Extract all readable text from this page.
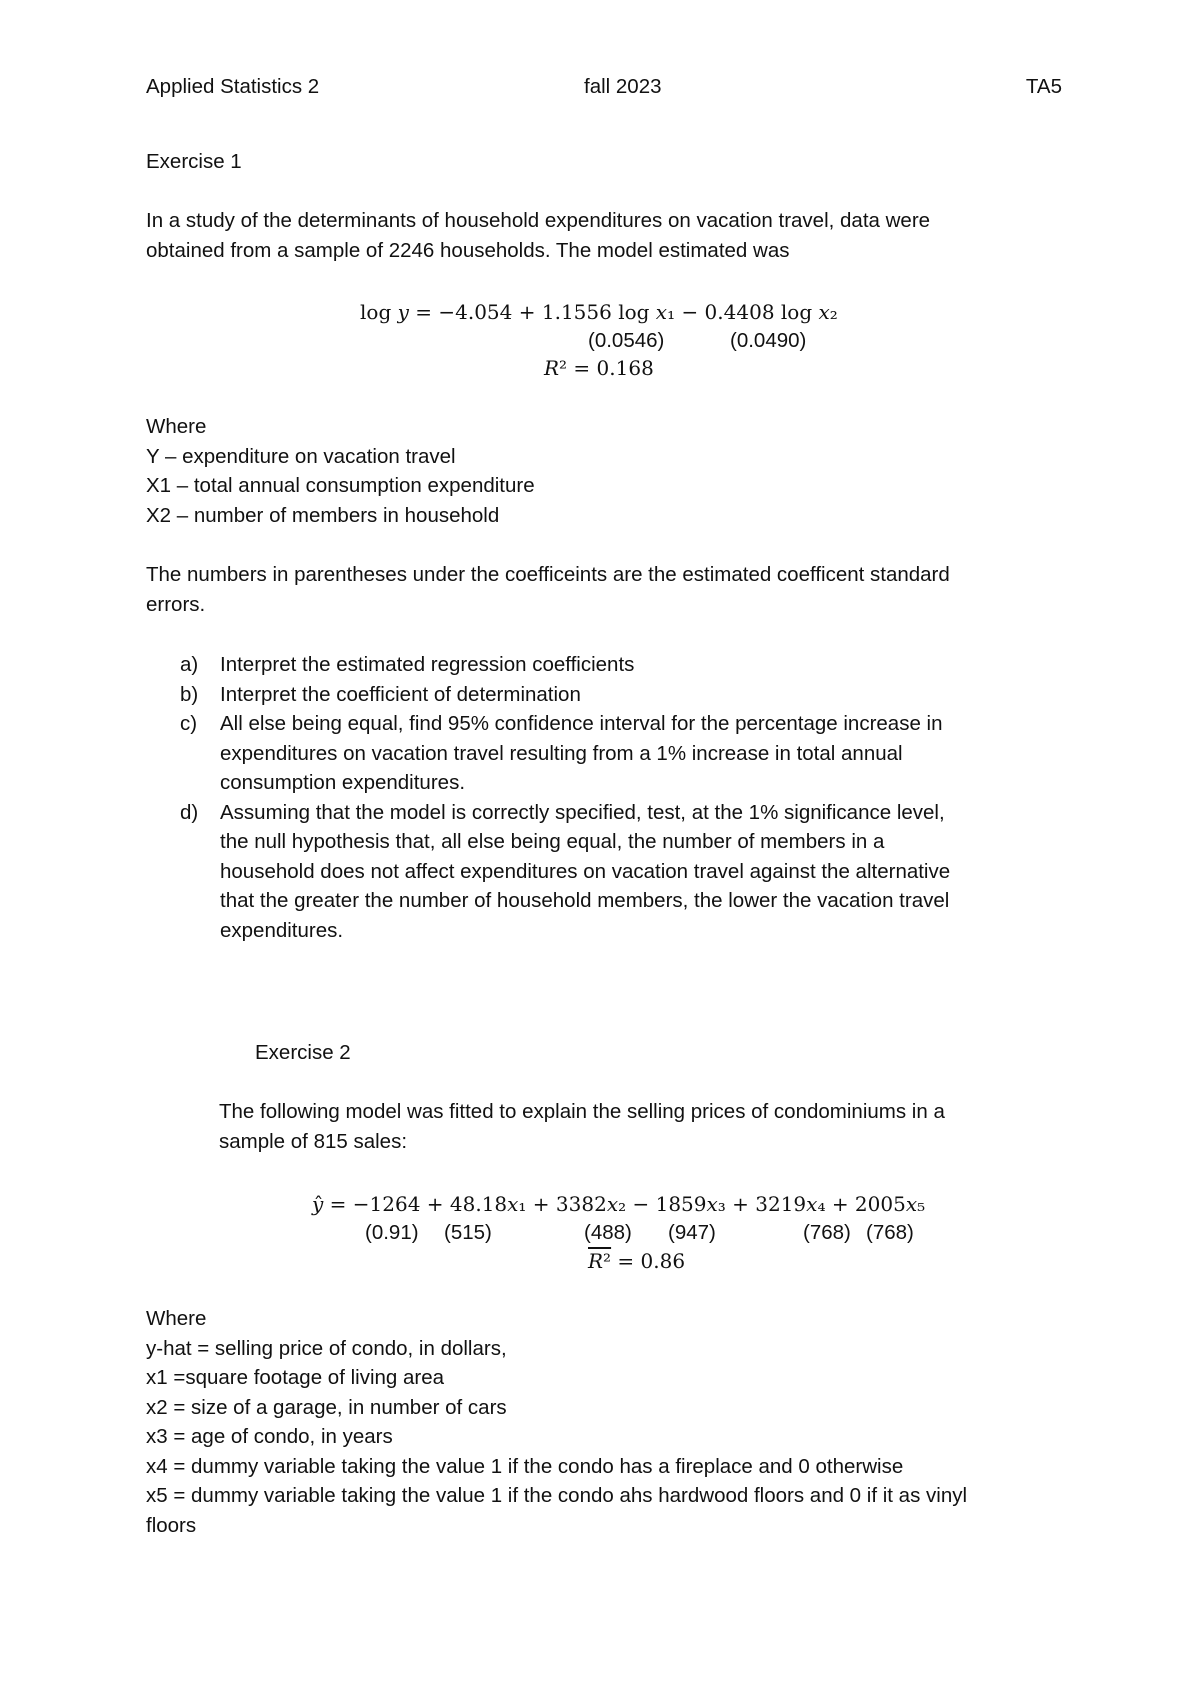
Applied Statistics 2	fall 2023	TA5
Exercise 1
In a study of the determinants of household expenditures on vacation travel, data were
obtained from a sample of 2246 households. The model estimated was
log 𝑦 = −4.054 + 1.1556 log 𝑥₁ − 0.4408 log 𝑥₂
(0.0546)	(0.0490)
𝑅² = 0.168
Where
Y – expenditure on vacation travel
X1 – total annual consumption expenditure
X2 – number of members in household
The numbers in parentheses under the coefficeints are the estimated coefficent standard
errors.
a) Interpret the estimated regression coefficients
b) Interpret the coefficient of determination
c) All else being equal, find 95% confidence interval for the percentage increase in
expenditures on vacation travel resulting from a 1% increase in total annual
consumption expenditures.
d) Assuming that the model is correctly specified, test, at the 1% significance level,
the null hypothesis that, all else being equal, the number of members in a
household does not affect expenditures on vacation travel against the alternative
that the greater the number of household members, the lower the vacation travel
expenditures.
Exercise 2
The following model was fitted to explain the selling prices of condominiums in a
sample of 815 sales:
𝑦̂ = −1264 + 48.18𝑥₁ + 3382𝑥₂ − 1859𝑥₃ + 3219𝑥₄ + 2005𝑥₅
(0.91) (515)	(488) (947)	(768) (768)
𝑅² = 0.86
Where
y-hat = selling price of condo, in dollars,
x1 =square footage of living area
x2 = size of a garage, in number of cars
x3 = age of condo, in years
x4 = dummy variable taking the value 1 if the condo has a fireplace and 0 otherwise
x5 = dummy variable taking the value 1 if the condo ahs hardwood floors and 0 if it as vinyl
floors
